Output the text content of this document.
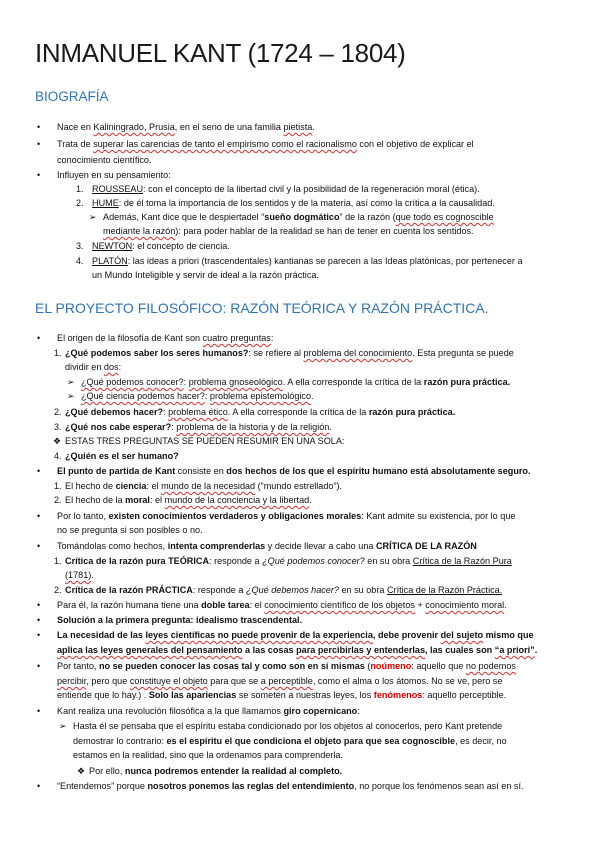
INMANUEL KANT (1724 – 1804)
BIOGRAFÍA
• Nace en Kaliningrado, Prusia, en el seno de una familia pietista.
• Trata de superar las carencias de tanto el empirismo como el racionalismo con el objetivo de explicar el
conocimiento científico.
• Influyen en su pensamiento:
1. ROUSSEAU: con el concepto de la libertad civil y la posibilidad de la regeneración moral (ética).
2. HUME: de él toma la importancia de los sentidos y de la materia, así como la crítica a la causalidad.
➢ Además, Kant dice que le despiertadel “sueño dogmático” de la razón (que todo es cognoscible
mediante la razón): para poder hablar de la realidad se han de tener en cuenta los sentidos.
3. NEWTON: el concepto de ciencia.
4. PLATÓN: las ideas a priori (trascendentales) kantianas se parecen a las Ideas platónicas, por pertenecer a
un Mundo Inteligible y servir de ideal a la razón práctica.
EL PROYECTO FILOSÓFICO: RAZÓN TEÓRICA Y RAZÓN PRÁCTICA.
• El origen de la filosofía de Kant son cuatro preguntas:
1. ¿Qué podemos saber los seres humanos?: se refiere al problema del conocimiento. Esta pregunta se puede
dividir en dos:
➢ ¿Qué podemos conocer?: problema gnoseológico. A ella corresponde la crítica de la razón pura práctica.
➢ ¿Qué ciencia podemos hacer?: problema epistemológico.
2. ¿Qué debemos hacer?: problema ético. A ella corresponde la crítica de la razón pura práctica.
3. ¿Qué nos cabe esperar?: problema de la historia y de la religión.
❖ ESTAS TRES PREGUNTAS SE PUEDEN RESUMIR EN UNA SOLA:
4. ¿Quién es el ser humano?
• El punto de partida de Kant consiste en dos hechos de los que el espíritu humano está absolutamente seguro.
1. El hecho de ciencia: el mundo de la necesidad (“mundo estrellado”).
2. El hecho de la moral: el mundo de la conciencia y la libertad.
• Por lo tanto, existen conocimientos verdaderos y obligaciones morales: Kant admite su existencia, por lo que
no se pregunta si son posibles o no.
• Tomándolas como hechos, intenta comprenderlas y decide llevar a cabo una CRÍTICA DE LA RAZÓN
1. Crítica de la razón pura TEÓRICA: responde a ¿Qué podemos conocer? en su obra Crítica de la Razón Pura
(1781).
2. Crítica de la razón PRÁCTICA: responde a ¿Qué debemos hacer? en su obra Crítica de la Razón Práctica.
• Para él, la razón humana tiene una doble tarea: el conocimiento científico de los objetos + conocimiento moral.
• Solución a la primera pregunta: idealismo trascendental.
• La necesidad de las leyes científicas no puede provenir de la experiencia, debe provenir del sujeto mismo que
aplica las leyes generales del pensamiento a las cosas para percibirlas y entenderlas, las cuales son “a priori”.
• Por tanto, no se pueden conocer las cosas tal y como son en sí mismas (noúmeno: aquello que no podemos
percibir, pero que constituye el objeto para que se a perceptible, como el alma o los átomos. No se ve, pero se
entiende que lo hay.) . Solo las apariencias se someten a nuestras leyes, los fenómenos: aquello perceptible.
• Kant realiza una revolución filosófica a la que llamamos giro copernicano:
➢ Hasta él se pensaba que el espíritu estaba condicionado por los objetos al conocerlos, pero Kant pretende
demostrar lo contrario: es el espíritu el que condiciona el objeto para que sea cognoscible, es decir, no
estamos en la realidad, sino que la ordenamos para comprenderla.
❖ Por ello, nunca podremos entender la realidad al completo.
• “Entendemos” porque nosotros ponemos las reglas del entendimiento, no porque los fenómenos sean así en sí.
